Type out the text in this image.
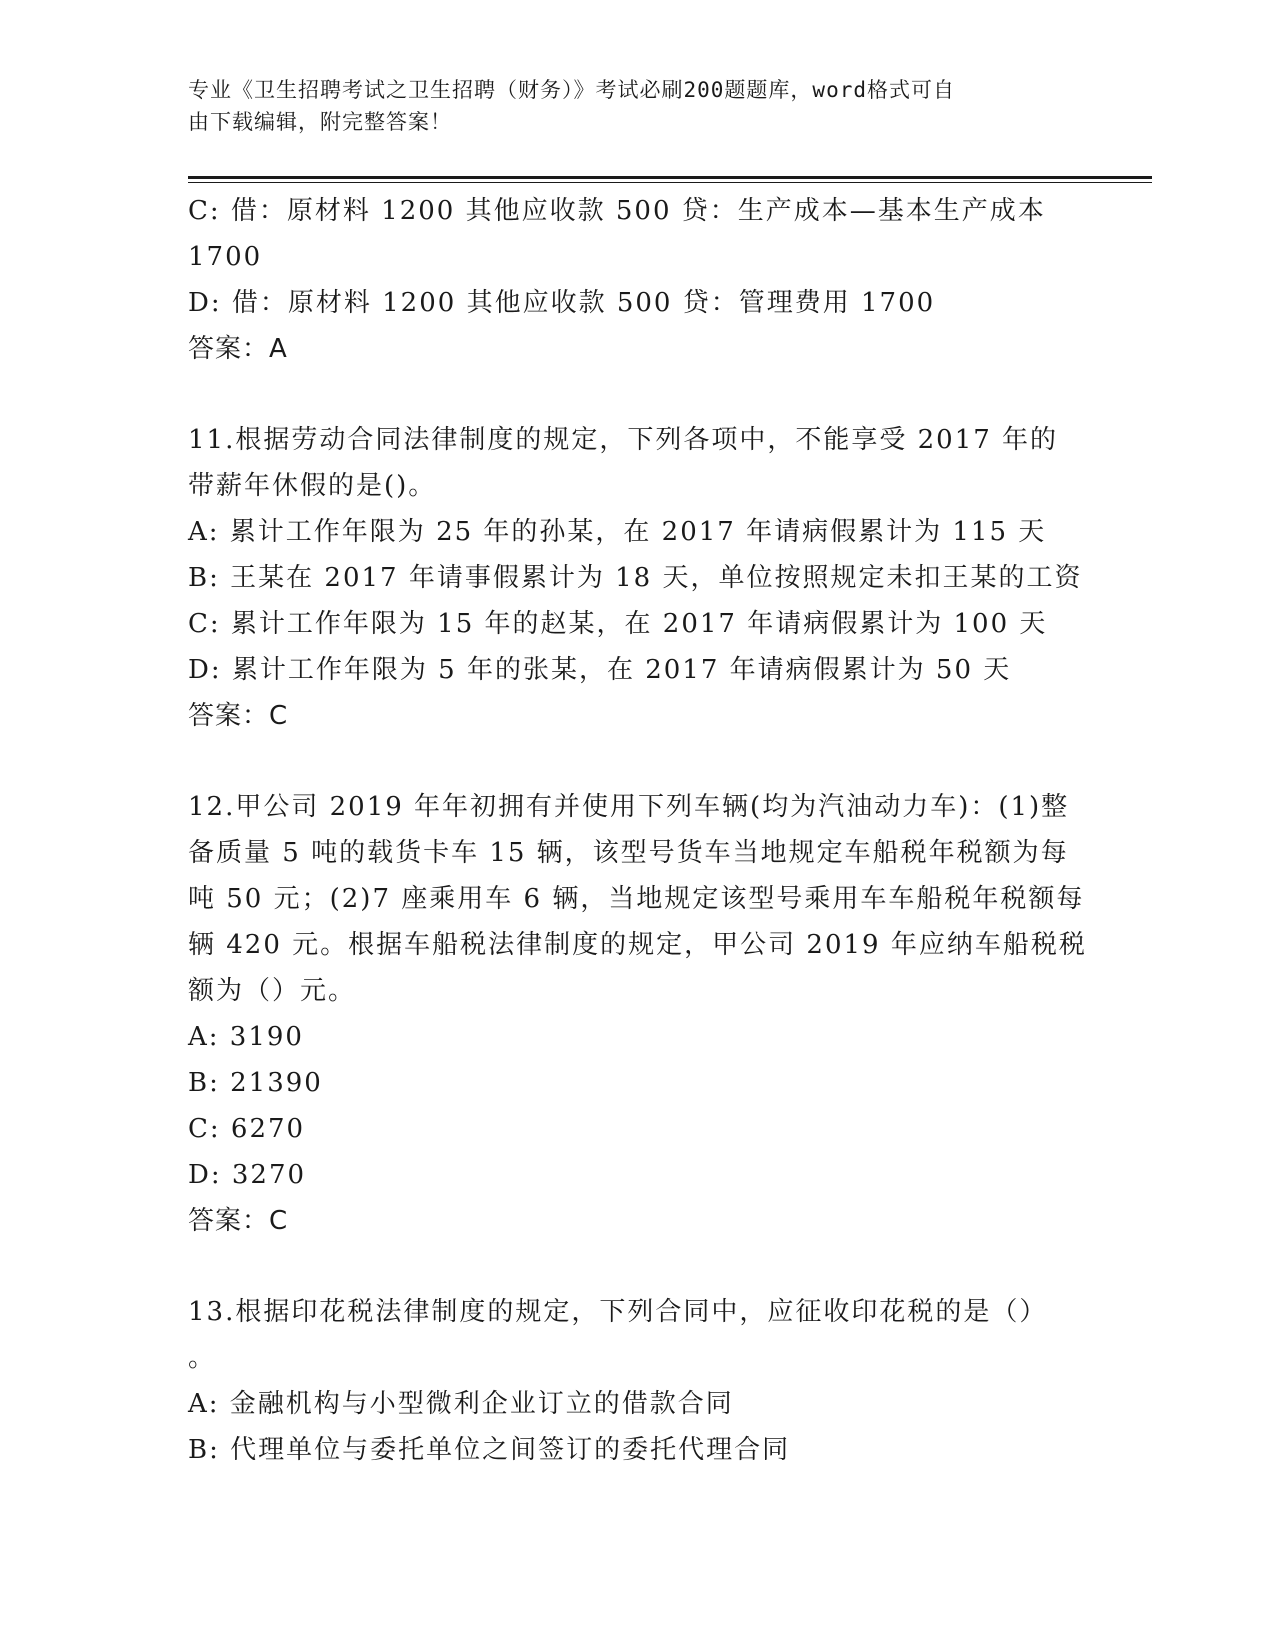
专业《卫生招聘考试之卫生招聘（财务）》考试必刷200题题库，word格式可自
由下载编辑，附完整答案！
C: 借：原材料 1200 其他应收款 500 贷：生产成本—基本生产成本
1700
D: 借：原材料 1200 其他应收款 500 贷：管理费用 1700
答案：A
11.根据劳动合同法律制度的规定，下列各项中，不能享受 2017 年的
带薪年休假的是()。
A: 累计工作年限为 25 年的孙某，在 2017 年请病假累计为 115 天
B: 王某在 2017 年请事假累计为 18 天，单位按照规定未扣王某的工资
C: 累计工作年限为 15 年的赵某，在 2017 年请病假累计为 100 天
D: 累计工作年限为 5 年的张某，在 2017 年请病假累计为 50 天
答案：C
12.甲公司 2019 年年初拥有并使用下列车辆(均为汽油动力车)：(1)整
备质量 5 吨的载货卡车 15 辆，该型号货车当地规定车船税年税额为每
吨 50 元；(2)7 座乘用车 6 辆，当地规定该型号乘用车车船税年税额每
辆 420 元。根据车船税法律制度的规定，甲公司 2019 年应纳车船税税
额为（）元。
A: 3190
B: 21390
C: 6270
D: 3270
答案：C
13.根据印花税法律制度的规定，下列合同中，应征收印花税的是（）
。
A: 金融机构与小型微利企业订立的借款合同
B: 代理单位与委托单位之间签订的委托代理合同
